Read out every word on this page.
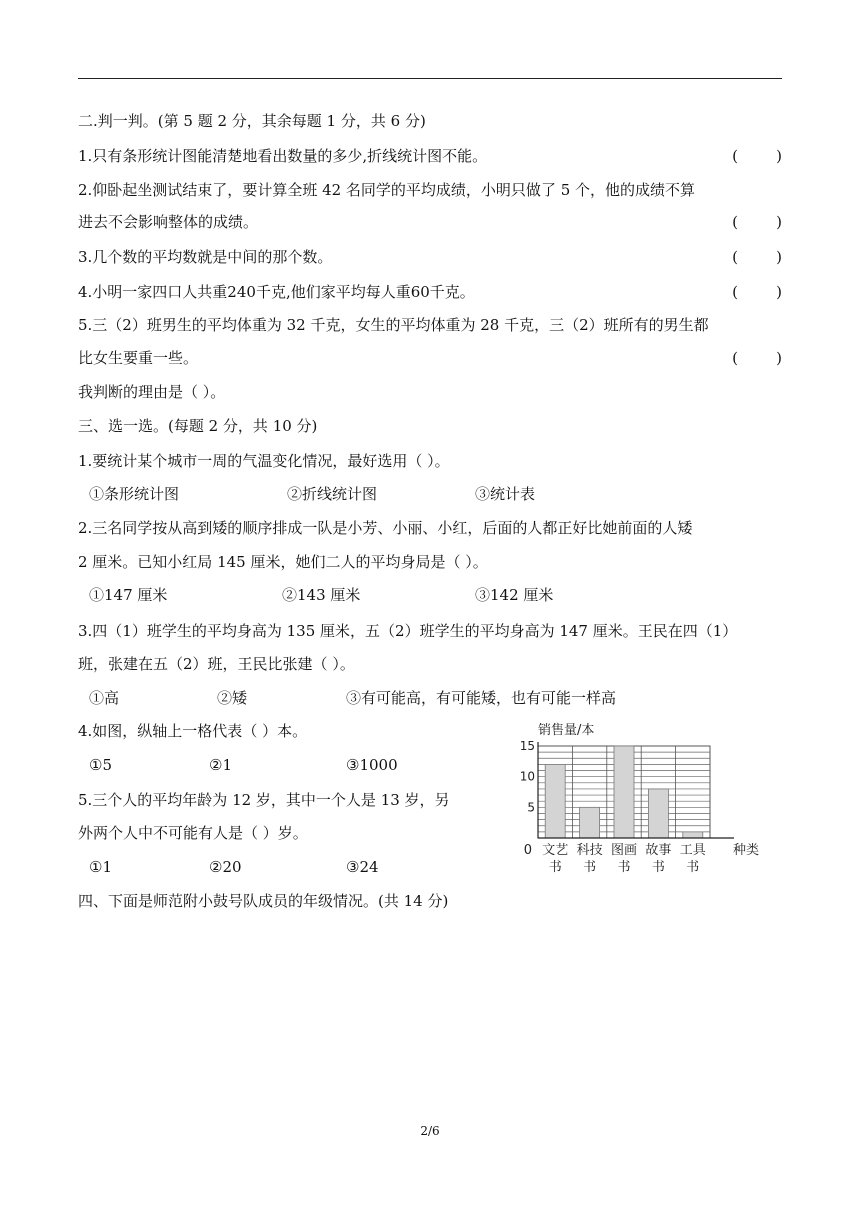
二.判一判。(第 5 题 2 分，其余每题 1 分，共 6 分)
1.只有条形统计图能清楚地看出数量的多少,折线统计图不能。	(        )
2.仰卧起坐测试结束了，要计算全班 42 名同学的平均成绩，小明只做了 5 个，他的成绩不算
进去不会影响整体的成绩。	(        )
3.几个数的平均数就是中间的那个数。	(        )
4.小明一家四口人共重240千克,他们家平均每人重60千克。	(        )
5.三（2）班男生的平均体重为 32 千克，女生的平均体重为 28 千克，三（2）班所有的男生都
比女生要重一些。	(        )
我判断的理由是（ ）。
三、选一选。(每题 2 分，共 10 分)
1.要统计某个城市一周的气温变化情况，最好选用（ ）。
①条形统计图	②折线统计图	③统计表
2.三名同学按从高到矮的顺序排成一队是小芳、小丽、小红，后面的人都正好比她前面的人矮
2 厘米。已知小红局 145 厘米，她们二人的平均身局是（ ）。
①147 厘米	②143 厘米	③142 厘米
3.四（1）班学生的平均身高为 135 厘米，五（2）班学生的平均身高为 147 厘米。王民在四（1）
班，张建在五（2）班，王民比张建（ ）。
①高	②矮	③有可能高，有可能矮，也有可能一样高
4.如图，纵轴上一格代表（ ）本。
①5	②1	③1000
5.三个人的平均年龄为 12 岁，其中一个人是 13 岁，另
外两个人中不可能有人是（ ）岁。
①1	②20	③24
四、下面是师范附小鼓号队成员的年级情况。(共 14 分)
销售量/本
文艺
书
科技
书
图画
书
故事
书
工具
书
5
10
15
0	种类
2/6
